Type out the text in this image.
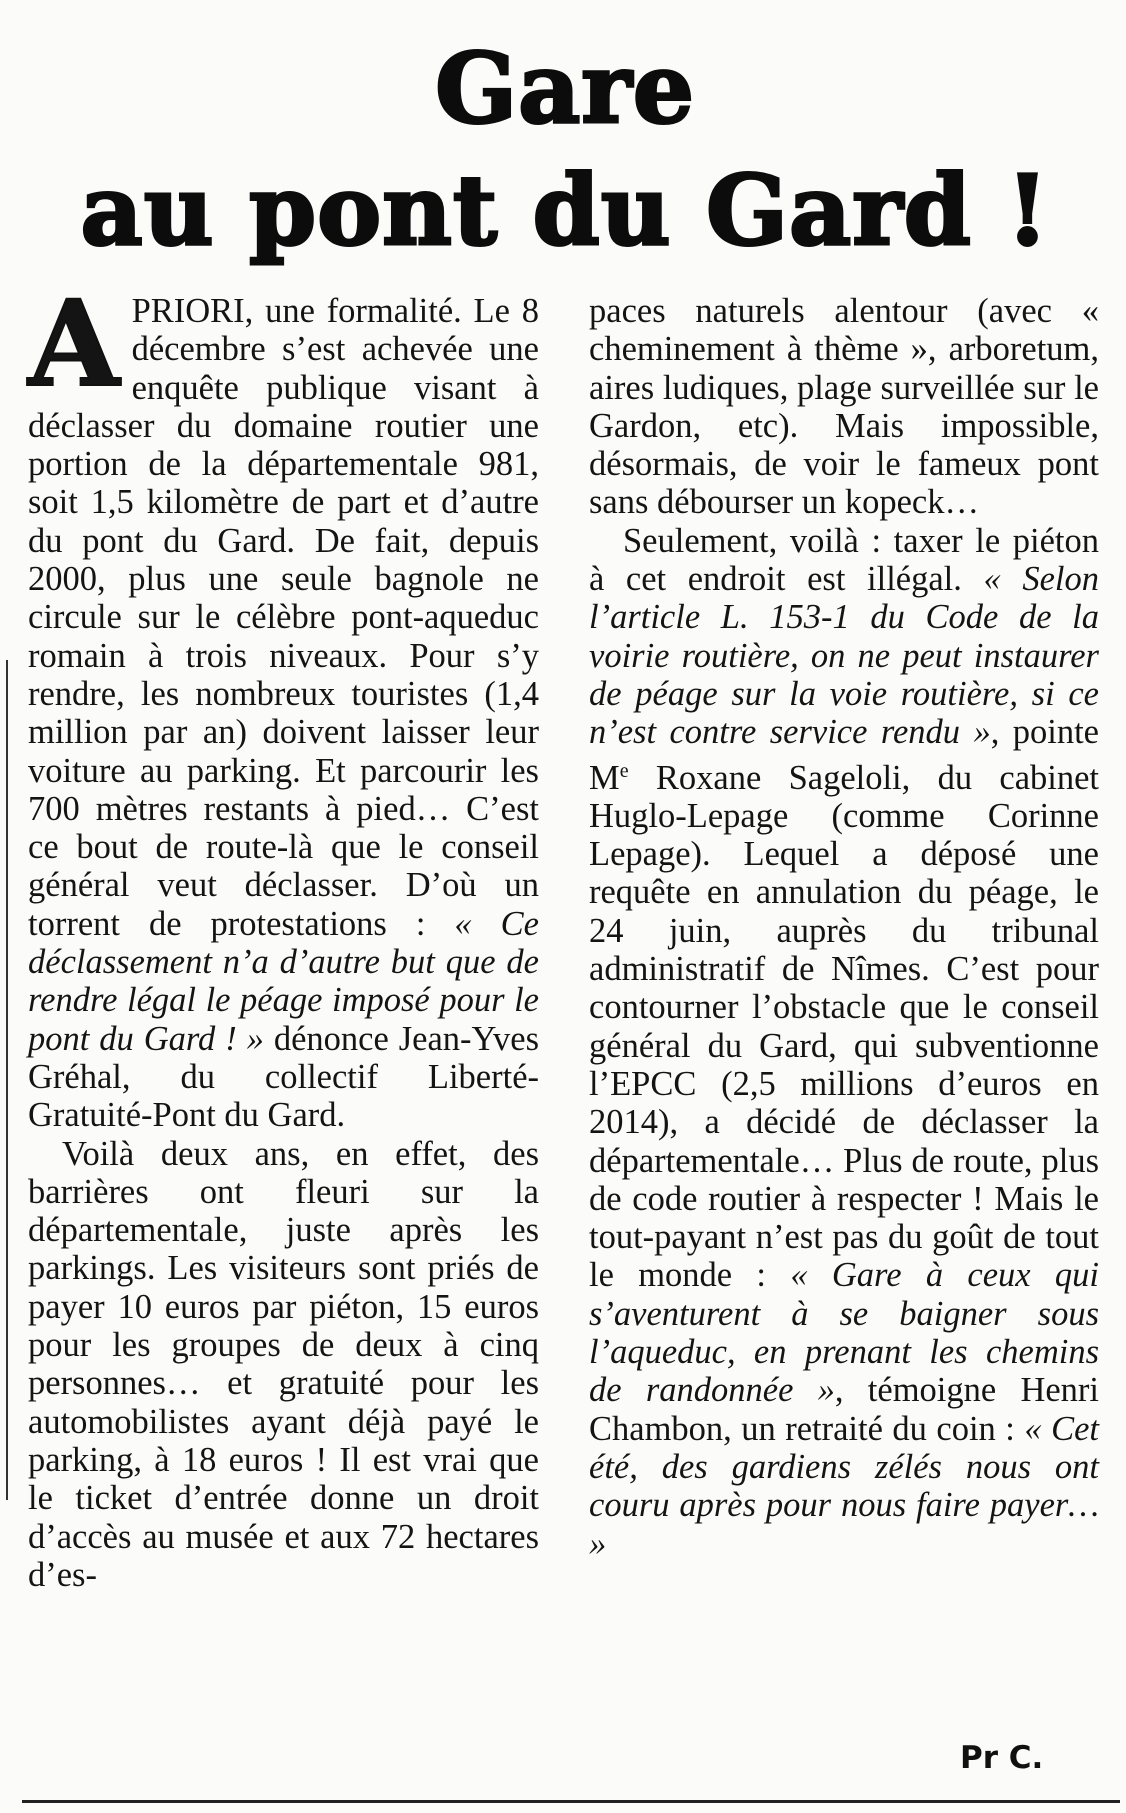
Gare
au pont du Gard !

APRIORI, une formalité. Le 8 décembre s’est achevée une enquête publique visant à déclasser du domaine routier une portion de la départementale 981, soit 1,5 kilomètre de part et d’autre du pont du Gard. De fait, depuis 2000, plus une seule bagnole ne circule sur le célèbre pont-aqueduc romain à trois niveaux. Pour s’y rendre, les nombreux touristes (1,4 million par an) doivent laisser leur voiture au parking. Et parcourir les 700 mètres restants à pied… C’est ce bout de route-là que le conseil général veut déclasser. D’où un torrent de protestations : « Ce déclassement n’a d’autre but que de rendre légal le péage imposé pour le pont du Gard ! » dénonce Jean-Yves Gréhal, du collectif Liberté-Gratuité-Pont du Gard.

Voilà deux ans, en effet, des barrières ont fleuri sur la départementale, juste après les parkings. Les visiteurs sont priés de payer 10 euros par piéton, 15 euros pour les groupes de deux à cinq personnes… et gratuité pour les automobilistes ayant déjà payé le parking, à 18 euros ! Il est vrai que le ticket d’entrée donne un droit d’accès au musée et aux 72 hectares d’es-

paces naturels alentour (avec « cheminement à thème », arboretum, aires ludiques, plage surveillée sur le Gardon, etc). Mais impossible, désormais, de voir le fameux pont sans débourser un kopeck…

Seulement, voilà : taxer le piéton à cet endroit est illégal. « Selon l’article L. 153-1 du Code de la voirie routière, on ne peut instaurer de péage sur la voie routière, si ce n’est contre service rendu », pointe Me Roxane Sageloli, du cabinet Huglo-Lepage (comme Corinne Lepage). Lequel a déposé une requête en annulation du péage, le 24 juin, auprès du tribunal administratif de Nîmes. C’est pour contourner l’obstacle que le conseil général du Gard, qui subventionne l’EPCC (2,5 millions d’euros en 2014), a décidé de déclasser la départementale… Plus de route, plus de code routier à respecter ! Mais le tout-payant n’est pas du goût de tout le monde : « Gare à ceux qui s’aventurent à se baigner sous l’aqueduc, en prenant les chemins de randonnée », témoigne Henri Chambon, un retraité du coin : « Cet été, des gardiens zélés nous ont couru après pour nous faire payer… »

Pr C.
